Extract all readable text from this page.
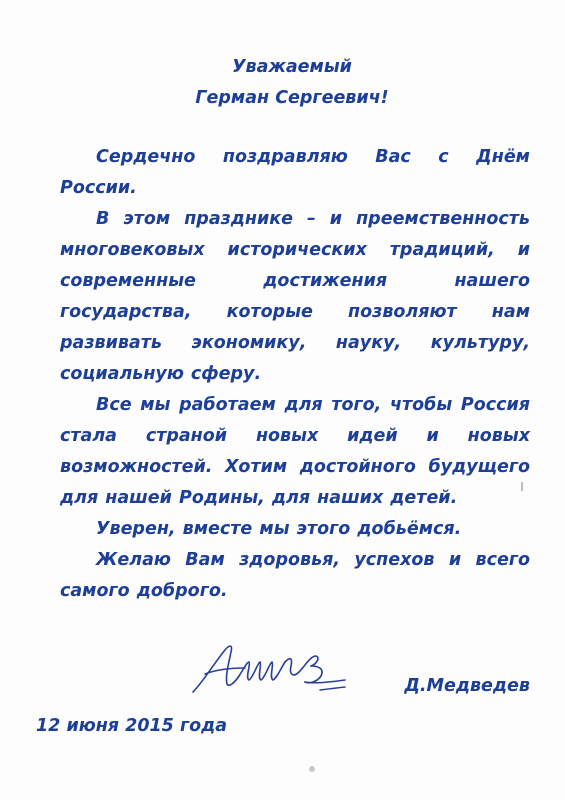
Уважаемый
Герман Сергеевич!

Сердечно поздравляю Вас с Днём России.

В этом празднике – и преемственность многовековых исторических традиций, и современные достижения нашего государства, которые позволяют нам развивать экономику, науку, культуру, социальную сферу.

Все мы работаем для того, чтобы Россия стала страной новых идей и новых возможностей. Хотим достойного будущего для нашей Родины, для наших детей.

Уверен, вместе мы этого добьёмся.

Желаю Вам здоровья, успехов и всего самого доброго.

Д.Медведев
12 июня 2015 года
